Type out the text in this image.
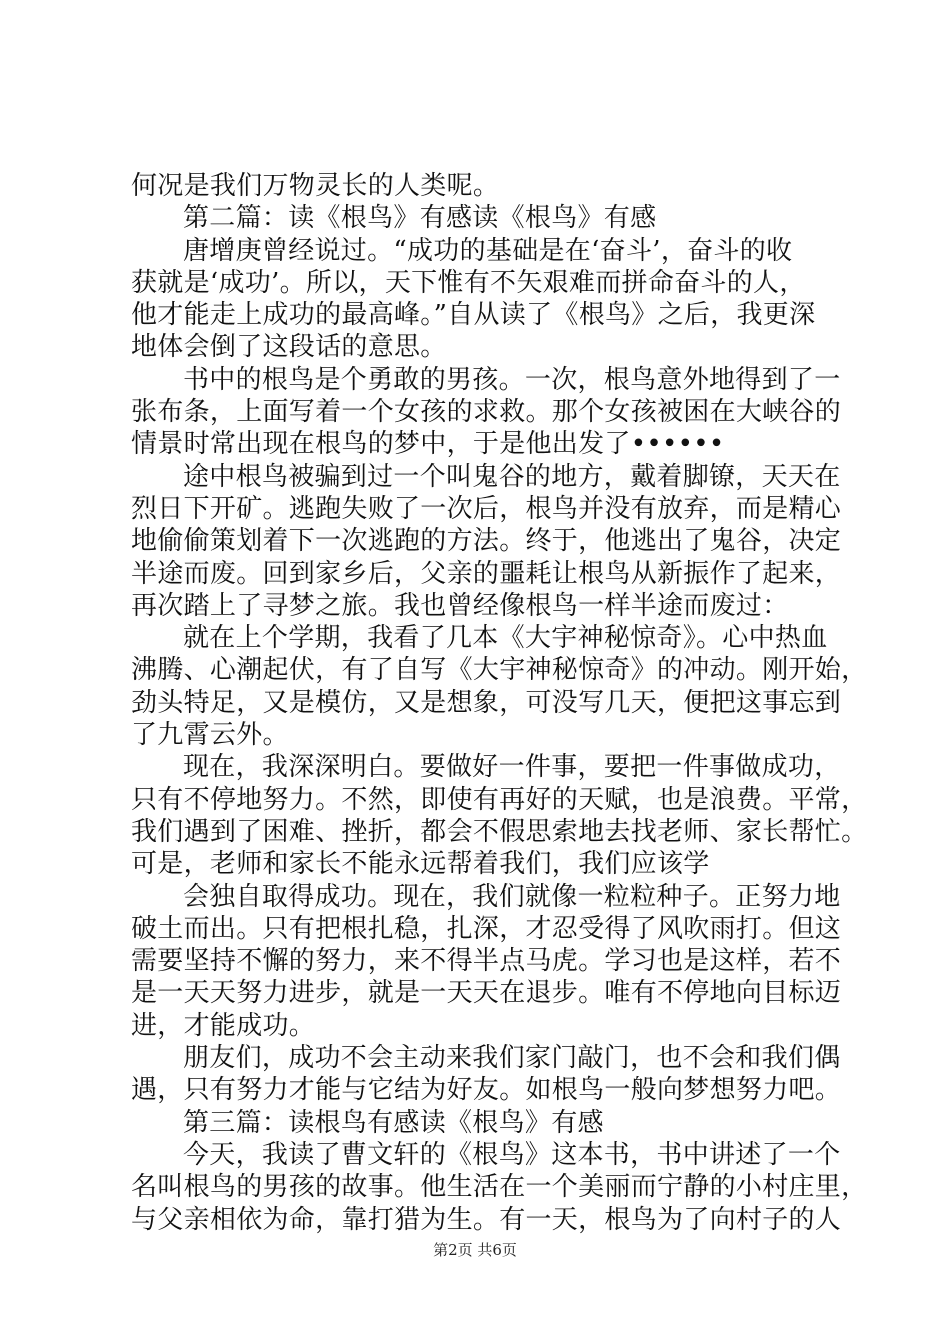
何况是我们万物灵长的人类呢。
第二篇：读《根鸟》有感读《根鸟》有感
唐增庚曾经说过。“成功的基础是在‘奋斗’，奋斗的收
获就是‘成功’。所以，天下惟有不矢艰难而拼命奋斗的人，
他才能走上成功的最高峰。”自从读了《根鸟》之后，我更深
地体会倒了这段话的意思。
书中的根鸟是个勇敢的男孩。一次，根鸟意外地得到了一
张布条，上面写着一个女孩的求救。那个女孩被困在大峡谷的
情景时常出现在根鸟的梦中，于是他出发了••••••
途中根鸟被骗到过一个叫鬼谷的地方，戴着脚镣，天天在
烈日下开矿。逃跑失败了一次后，根鸟并没有放弃，而是精心
地偷偷策划着下一次逃跑的方法。终于，他逃出了鬼谷，决定
半途而废。回到家乡后，父亲的噩耗让根鸟从新振作了起来，
再次踏上了寻梦之旅。我也曾经像根鸟一样半途而废过：
就在上个学期，我看了几本《大宇神秘惊奇》。心中热血
沸腾、心潮起伏，有了自写《大宇神秘惊奇》的冲动。刚开始，
劲头特足，又是模仿，又是想象，可没写几天，便把这事忘到
了九霄云外。
现在，我深深明白。要做好一件事，要把一件事做成功，
只有不停地努力。不然，即使有再好的天赋，也是浪费。平常，
我们遇到了困难、挫折，都会不假思索地去找老师、家长帮忙。
可是，老师和家长不能永远帮着我们，我们应该学
会独自取得成功。现在，我们就像一粒粒种子。正努力地
破土而出。只有把根扎稳，扎深，才忍受得了风吹雨打。但这
需要坚持不懈的努力，来不得半点马虎。学习也是这样，若不
是一天天努力进步，就是一天天在退步。唯有不停地向目标迈
进，才能成功。
朋友们，成功不会主动来我们家门敲门，也不会和我们偶
遇，只有努力才能与它结为好友。如根鸟一般向梦想努力吧。
第三篇：读根鸟有感读《根鸟》有感
今天，我读了曹文轩的《根鸟》这本书，书中讲述了一个
名叫根鸟的男孩的故事。他生活在一个美丽而宁静的小村庄里，
与父亲相依为命，靠打猎为生。有一天，根鸟为了向村子的人
第2页 共6页
